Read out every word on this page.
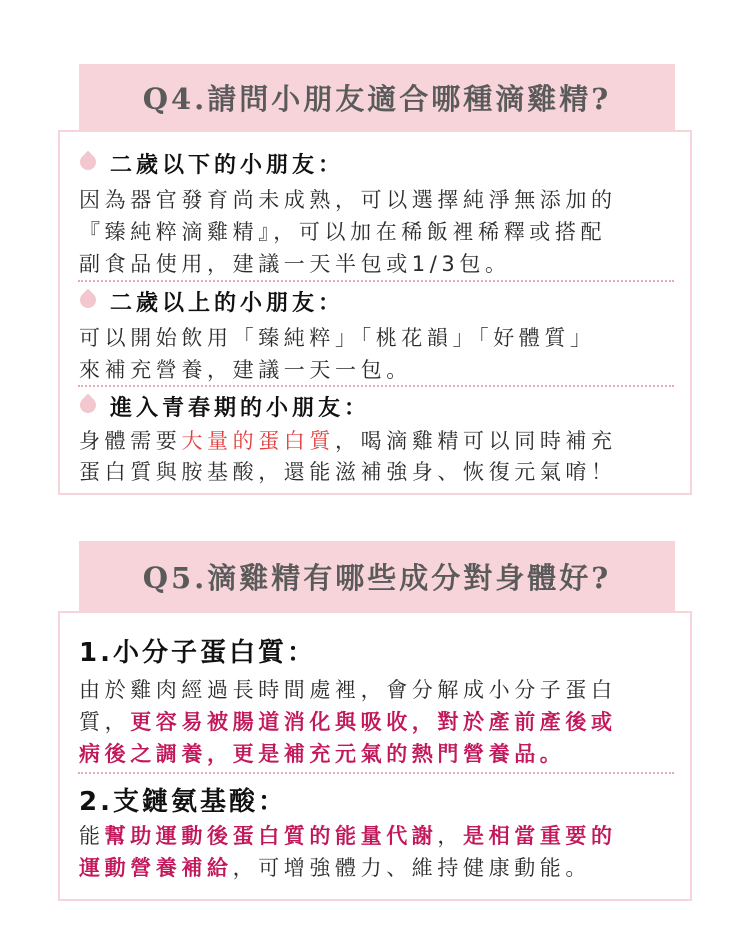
Q4.請問小朋友適合哪種滴雞精?
二歲以下的小朋友：
因為器官發育尚未成熟，可以選擇純淨無添加的
『臻純粹滴雞精』，可以加在稀飯裡稀釋或搭配
副食品使用，建議一天半包或1/3包。
二歲以上的小朋友：
可以開始飲用「臻純粹」「桃花韻」「好體質」
來補充營養，建議一天一包。
進入青春期的小朋友：
身體需要大量的蛋白質，喝滴雞精可以同時補充
蛋白質與胺基酸，還能滋補強身、恢復元氣唷！
Q5.滴雞精有哪些成分對身體好?
1.小分子蛋白質：
由於雞肉經過長時間處裡，會分解成小分子蛋白
質，更容易被腸道消化與吸收，對於產前產後或
病後之調養，更是補充元氣的熱門營養品。
2.支鏈氨基酸：
能幫助運動後蛋白質的能量代謝，是相當重要的
運動營養補給，可增強體力、維持健康動能。
